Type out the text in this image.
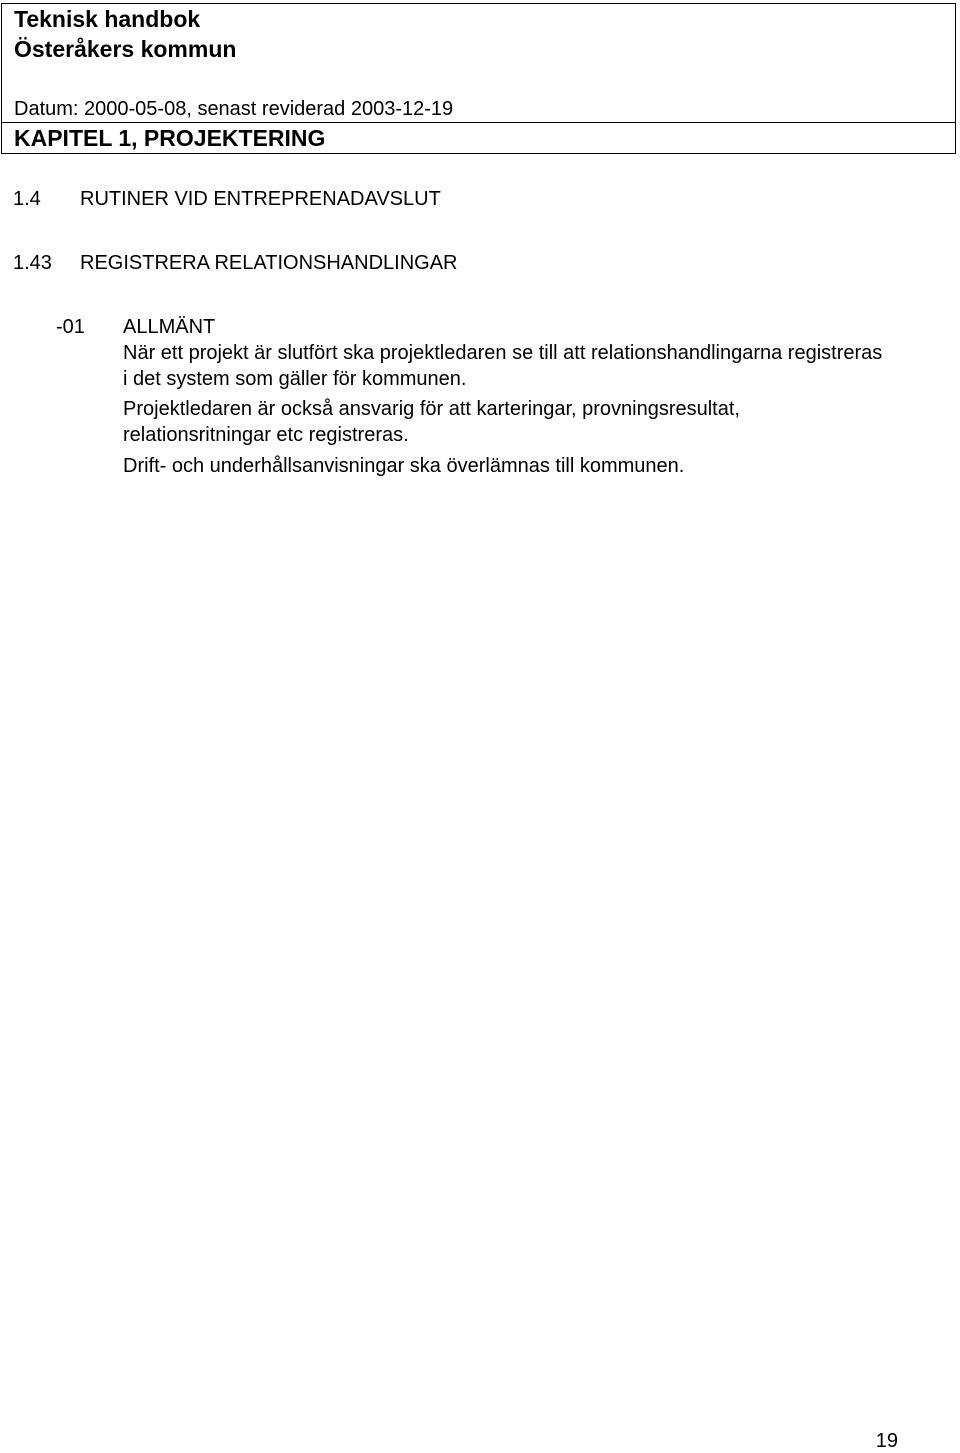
Teknisk handbok
Österåkers kommun
Datum: 2000-05-08, senast reviderad 2003-12-19
KAPITEL 1, PROJEKTERING
1.4 RUTINER VID ENTREPRENADAVSLUT
1.43 REGISTRERA RELATIONSHANDLINGAR
-01 ALLMÄNT
När ett projekt är slutfört ska projektledaren se till att relationshandlingarna registreras i det system som gäller för kommunen.
Projektledaren är också ansvarig för att karteringar, provningsresultat, relationsritningar etc registreras.
Drift- och underhållsanvisningar ska överlämnas till kommunen.
19
